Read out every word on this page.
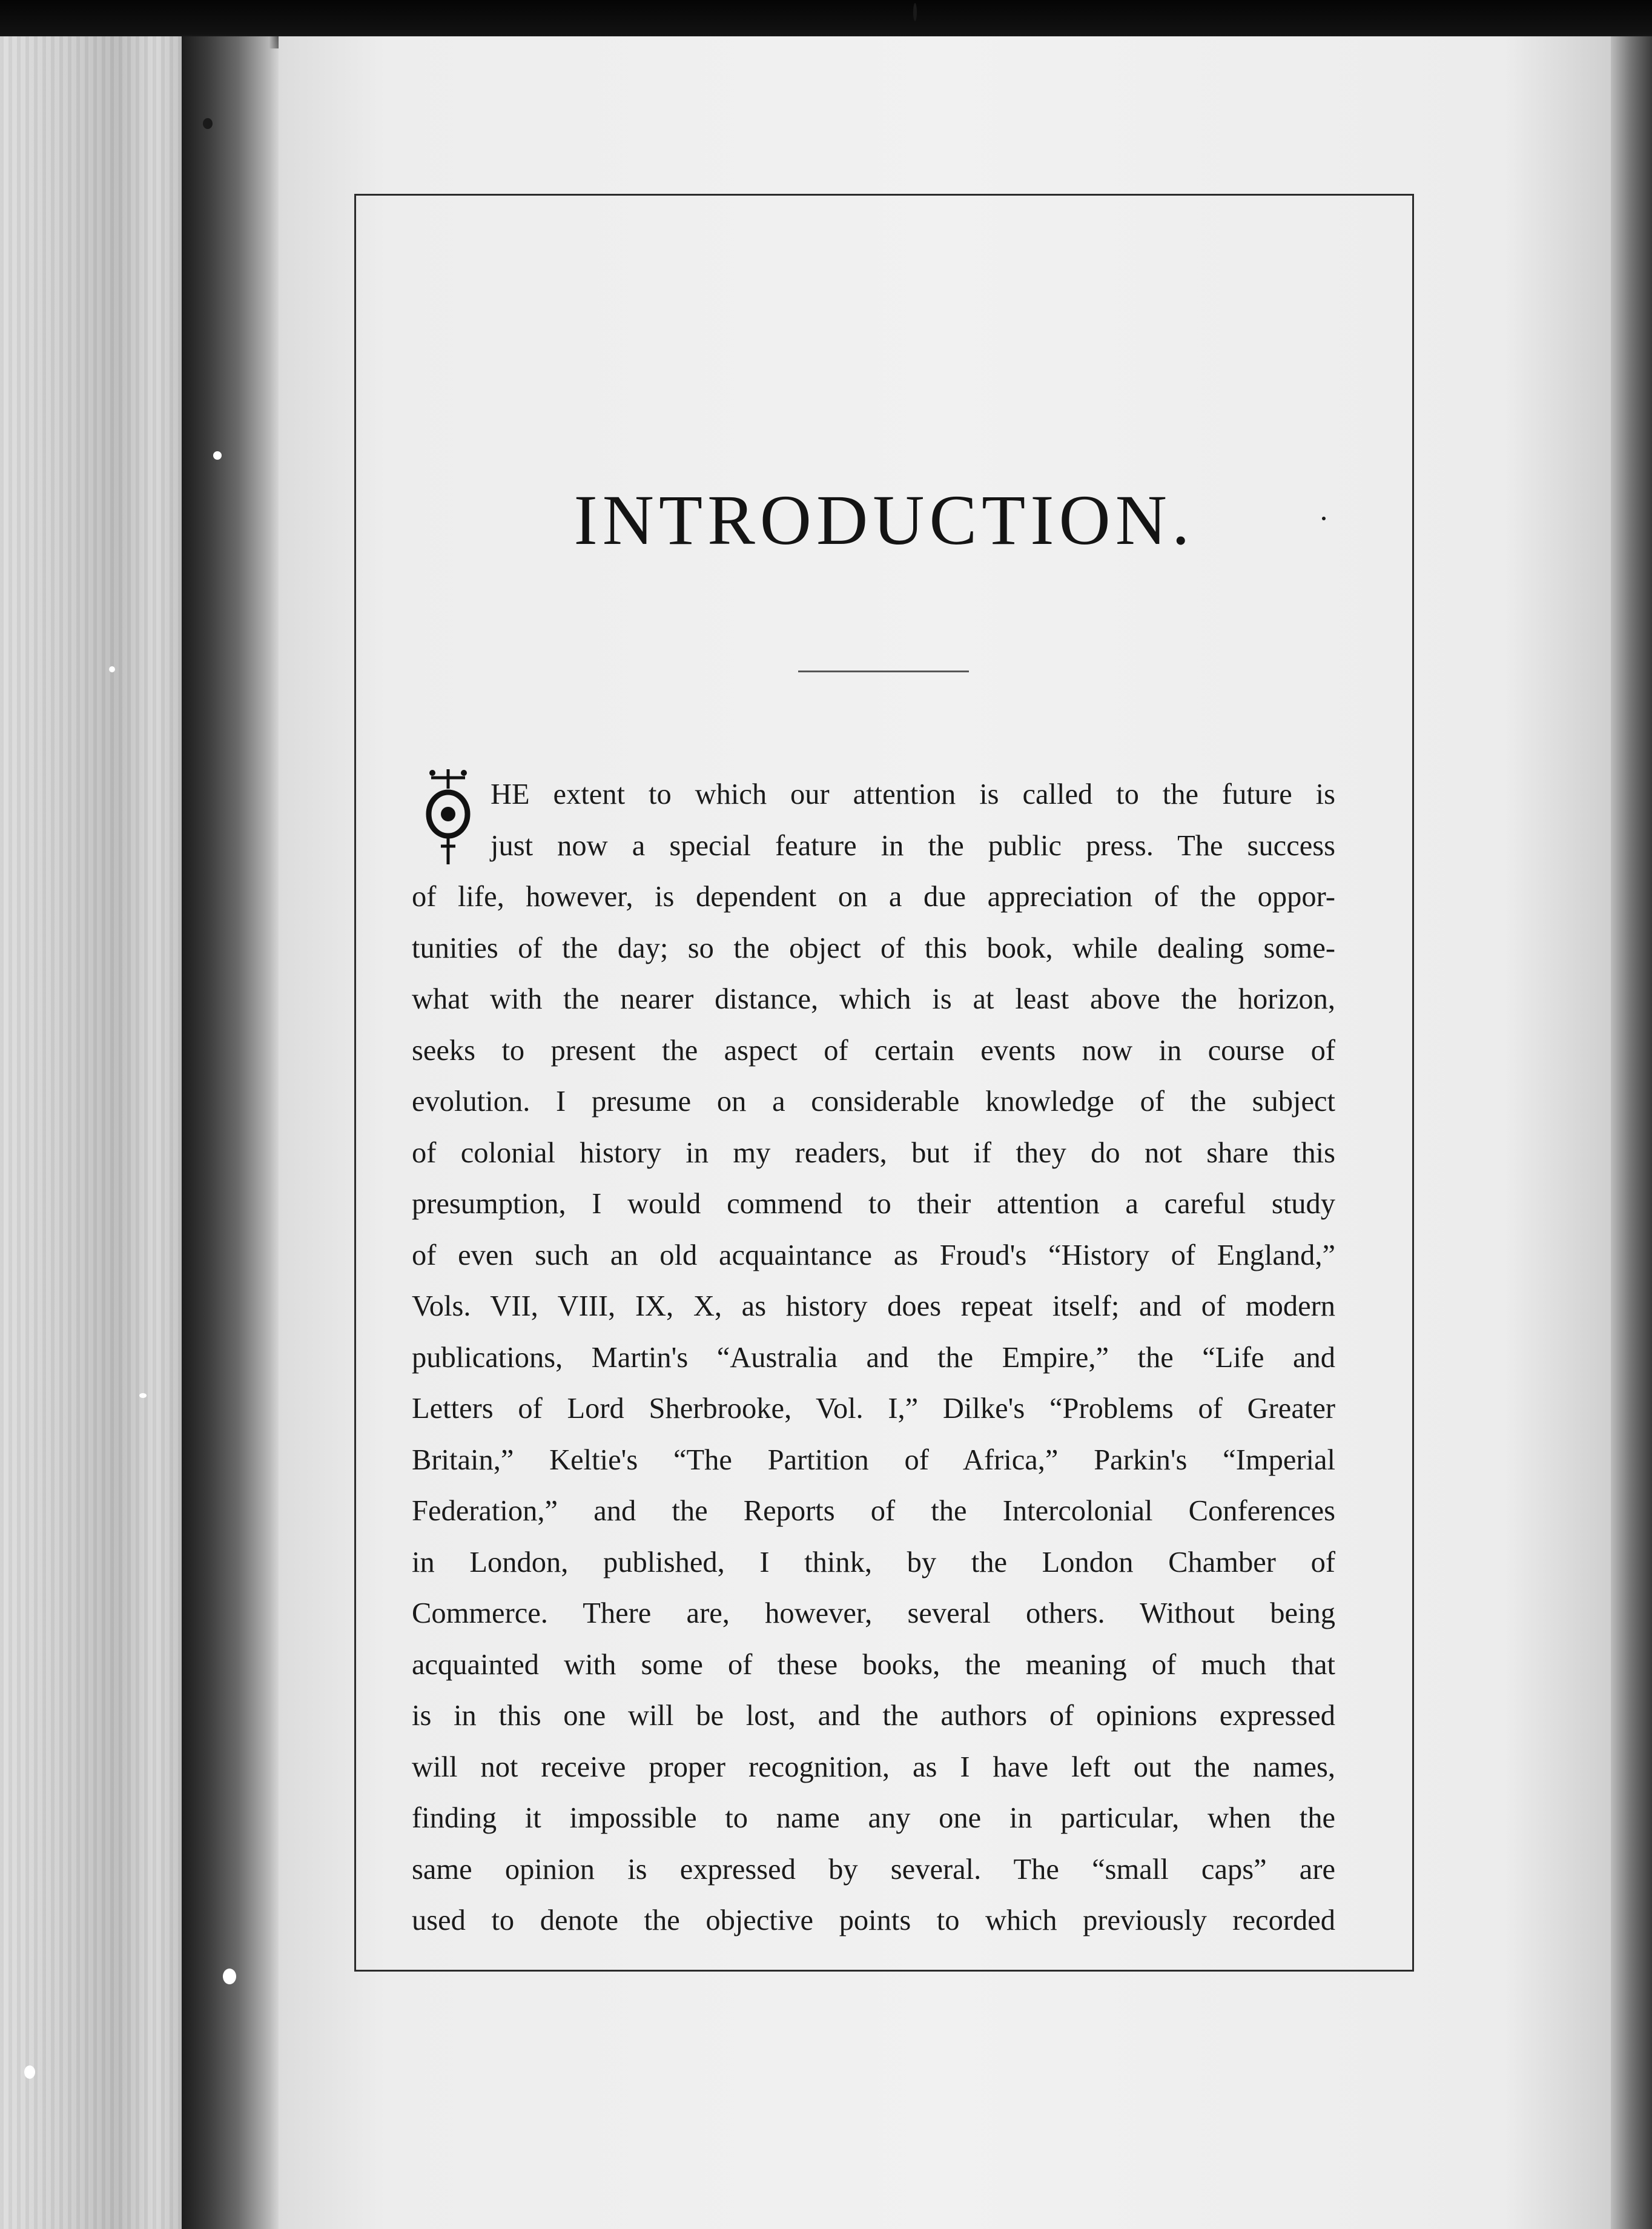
INTRODUCTION.
HE extent to which our attention is called to the future is
just now a special feature in the public press. The success
of life, however, is dependent on a due appreciation of the oppor-
tunities of the day; so the object of this book, while dealing some-
what with the nearer distance, which is at least above the horizon,
seeks to present the aspect of certain events now in course of
evolution. I presume on a considerable knowledge of the subject
of colonial history in my readers, but if they do not share this
presumption, I would commend to their attention a careful study
of even such an old acquaintance as Froud's “History of England,”
Vols. VII, VIII, IX, X, as history does repeat itself; and of modern
publications, Martin's “Australia and the Empire,” the “Life and
Letters of Lord Sherbrooke, Vol. I,” Dilke's “Problems of Greater
Britain,” Keltie's “The Partition of Africa,” Parkin's “Imperial
Federation,” and the Reports of the Intercolonial Conferences
in London, published, I think, by the London Chamber of
Commerce. There are, however, several others. Without being
acquainted with some of these books, the meaning of much that
is in this one will be lost, and the authors of opinions expressed
will not receive proper recognition, as I have left out the names,
finding it impossible to name any one in particular, when the
same opinion is expressed by several. The “small caps” are
used to denote the objective points to which previously recorded
